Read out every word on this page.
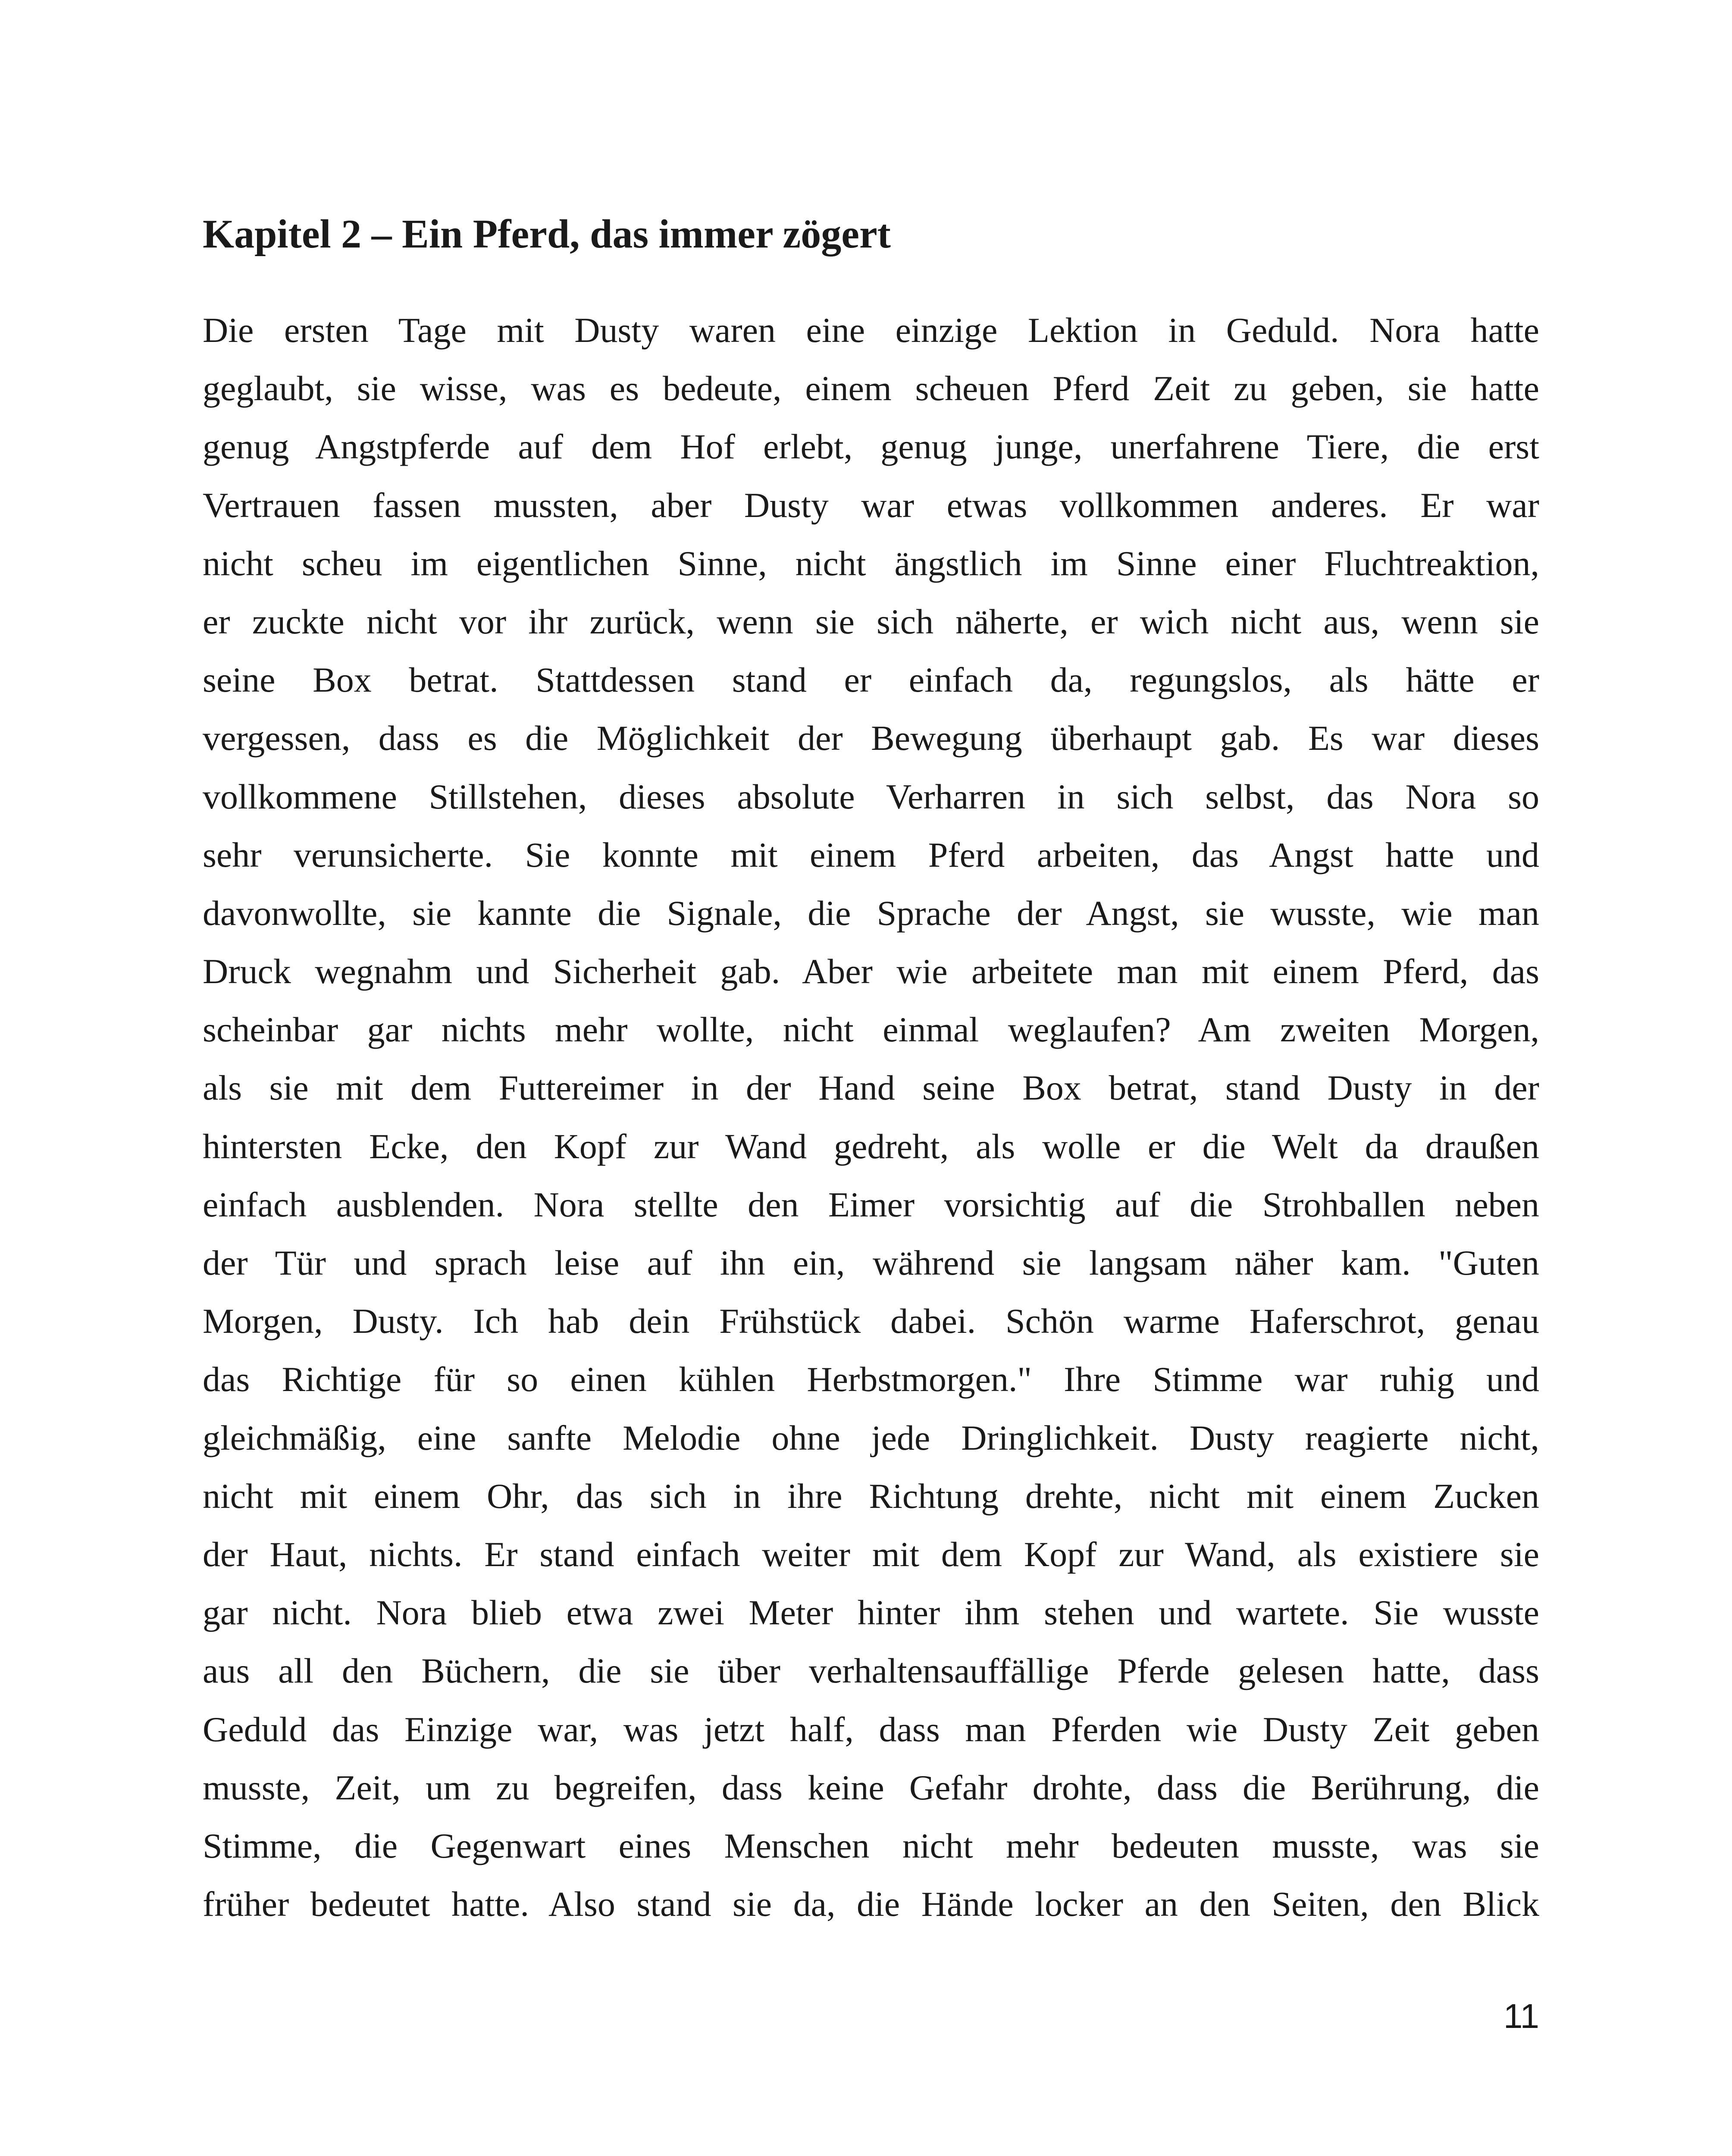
Kapitel 2 – Ein Pferd, das immer zögert
Die ersten Tage mit Dusty waren eine einzige Lektion in Geduld. Nora hatte
geglaubt, sie wisse, was es bedeute, einem scheuen Pferd Zeit zu geben, sie hatte
genug Angstpferde auf dem Hof erlebt, genug junge, unerfahrene Tiere, die erst
Vertrauen fassen mussten, aber Dusty war etwas vollkommen anderes. Er war
nicht scheu im eigentlichen Sinne, nicht ängstlich im Sinne einer Fluchtreaktion,
er zuckte nicht vor ihr zurück, wenn sie sich näherte, er wich nicht aus, wenn sie
seine Box betrat. Stattdessen stand er einfach da, regungslos, als hätte er
vergessen, dass es die Möglichkeit der Bewegung überhaupt gab. Es war dieses
vollkommene Stillstehen, dieses absolute Verharren in sich selbst, das Nora so
sehr verunsicherte. Sie konnte mit einem Pferd arbeiten, das Angst hatte und
davonwollte, sie kannte die Signale, die Sprache der Angst, sie wusste, wie man
Druck wegnahm und Sicherheit gab. Aber wie arbeitete man mit einem Pferd, das
scheinbar gar nichts mehr wollte, nicht einmal weglaufen? Am zweiten Morgen,
als sie mit dem Futtereimer in der Hand seine Box betrat, stand Dusty in der
hintersten Ecke, den Kopf zur Wand gedreht, als wolle er die Welt da draußen
einfach ausblenden. Nora stellte den Eimer vorsichtig auf die Strohballen neben
der Tür und sprach leise auf ihn ein, während sie langsam näher kam. "Guten
Morgen, Dusty. Ich hab dein Frühstück dabei. Schön warme Haferschrot, genau
das Richtige für so einen kühlen Herbstmorgen." Ihre Stimme war ruhig und
gleichmäßig, eine sanfte Melodie ohne jede Dringlichkeit. Dusty reagierte nicht,
nicht mit einem Ohr, das sich in ihre Richtung drehte, nicht mit einem Zucken
der Haut, nichts. Er stand einfach weiter mit dem Kopf zur Wand, als existiere sie
gar nicht. Nora blieb etwa zwei Meter hinter ihm stehen und wartete. Sie wusste
aus all den Büchern, die sie über verhaltensauffällige Pferde gelesen hatte, dass
Geduld das Einzige war, was jetzt half, dass man Pferden wie Dusty Zeit geben
musste, Zeit, um zu begreifen, dass keine Gefahr drohte, dass die Berührung, die
Stimme, die Gegenwart eines Menschen nicht mehr bedeuten musste, was sie
früher bedeutet hatte. Also stand sie da, die Hände locker an den Seiten, den Blick
11
